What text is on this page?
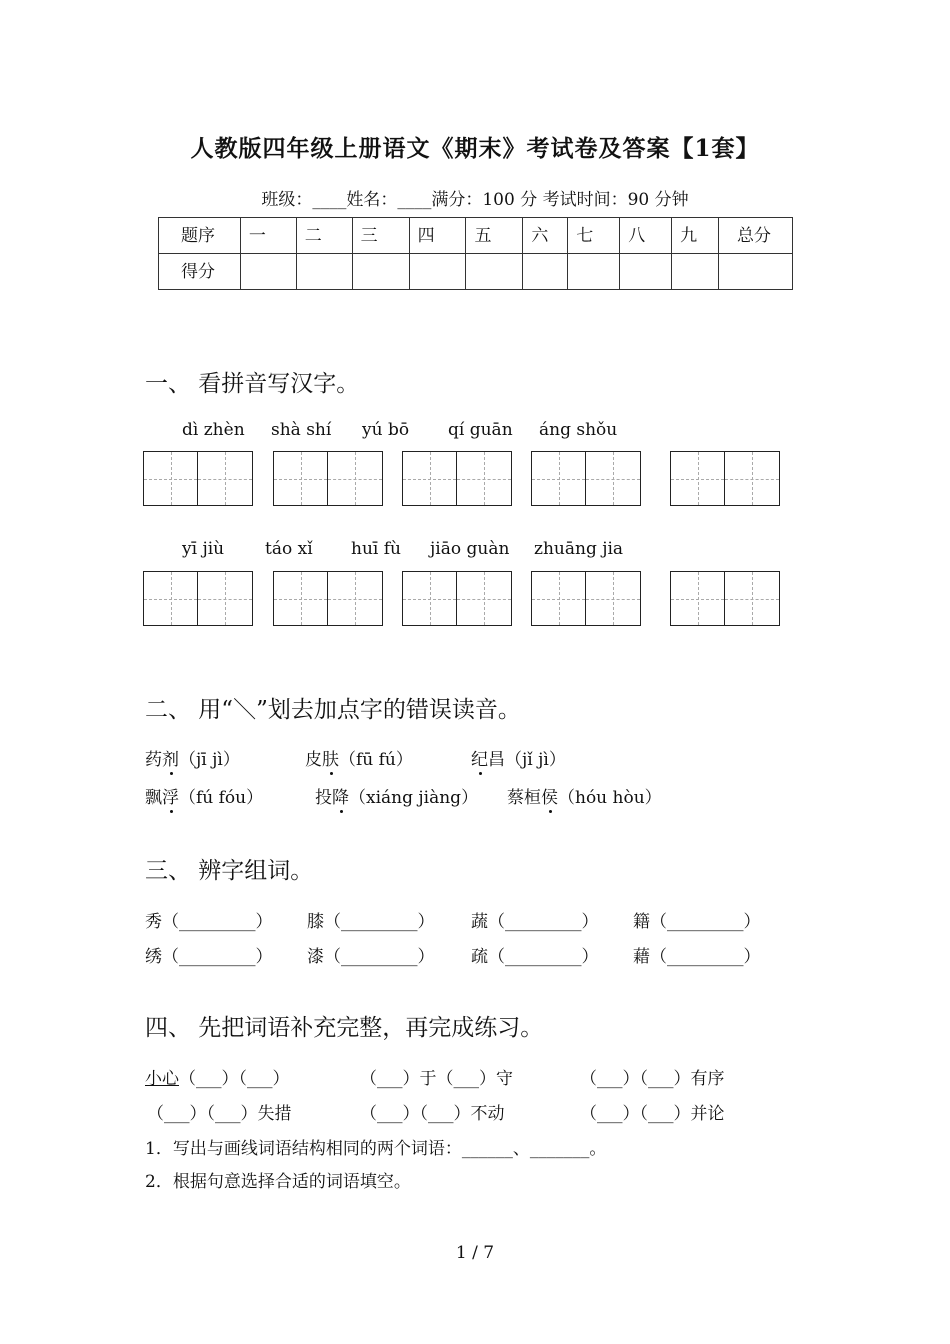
人教版四年级上册语文《期末》考试卷及答案【1套】
班级：____姓名：____满分：100 分 考试时间：90 分钟
题序	一	二	三	四	五	六	七	八	九	总分
得分										
一、 看拼音写汉字。
dì zhèn shà shí yú bō qí guān áng shǒu
yī jiù táo xǐ huī fù jiāo guàn zhuāng jia
二、 用“＼”划去加点字的错误读音。
药剂（jī jì）	皮肤（fū fú）	纪昌（jǐ jì）
飘浮（fú fóu）	投降（xiáng jiàng） 蔡桓侯（hóu hòu）
三、 辨字组词。
秀（_________） 膝（_________） 蔬（_________） 籍（_________）
绣（_________） 漆（_________） 疏（_________） 藉（_________）
四、 先把词语补充完整，再完成练习。
小心（___）（___）	（___）于（___）守	（___）（___）有序
（___）（___）失措	（___）（___）不动	（___）（___）并论
1．写出与画线词语结构相同的两个词语：______、_______。
2．根据句意选择合适的词语填空。
1 / 7
